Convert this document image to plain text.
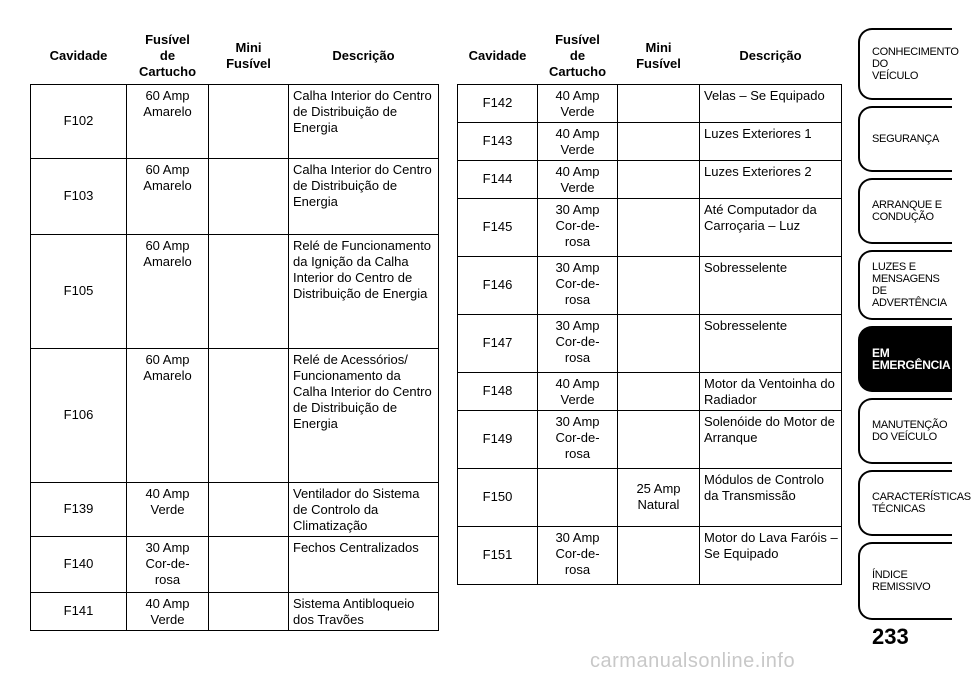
Cavidade	Fusível
de
Cartucho	Mini
Fusível	Descrição
F102	60 Amp
Amarelo		Calha Interior do Centro de Distribuição de Energia
F103	60 Amp
Amarelo		Calha Interior do Centro de Distribuição de Energia
F105	60 Amp
Amarelo		Relé de Funcionamento da Ignição da Calha Interior do Centro de Distribuição de Energia
F106	60 Amp
Amarelo		Relé de Acessórios/ Funcionamento da Calha Interior do Centro de Distribuição de Energia
F139	40 Amp
Verde		Ventilador do Sistema de Controlo da Climatização
F140	30 Amp
Cor-de-
rosa		Fechos Centralizados
F141	40 Amp
Verde		Sistema Antibloqueio dos Travões
Cavidade	Fusível
de
Cartucho	Mini
Fusível	Descrição
F142	40 Amp
Verde		Velas – Se Equipado
F143	40 Amp
Verde		Luzes Exteriores 1
F144	40 Amp
Verde		Luzes Exteriores 2
F145	30 Amp
Cor-de-
rosa		Até Computador da Carroçaria – Luz
F146	30 Amp
Cor-de-
rosa		Sobresselente
F147	30 Amp
Cor-de-
rosa		Sobresselente
F148	40 Amp
Verde		Motor da Ventoinha do Radiador
F149	30 Amp
Cor-de-
rosa		Solenóide do Motor de Arranque
F150		25 Amp
Natural	Módulos de Controlo da Transmissão
F151	30 Amp
Cor-de-
rosa		Motor do Lava Faróis – Se Equipado
CONHECIMENTO
DO
VEÍCULO
SEGURANÇA
ARRANQUE E
CONDUÇÃO
LUZES E
MENSAGENS
DE
ADVERTÊNCIA
EM
EMERGÊNCIA
MANUTENÇÃO
DO VEÍCULO
CARACTERÍSTICAS
TÉCNICAS
ÍNDICE
REMISSIVO
233
carmanualsonline.info
